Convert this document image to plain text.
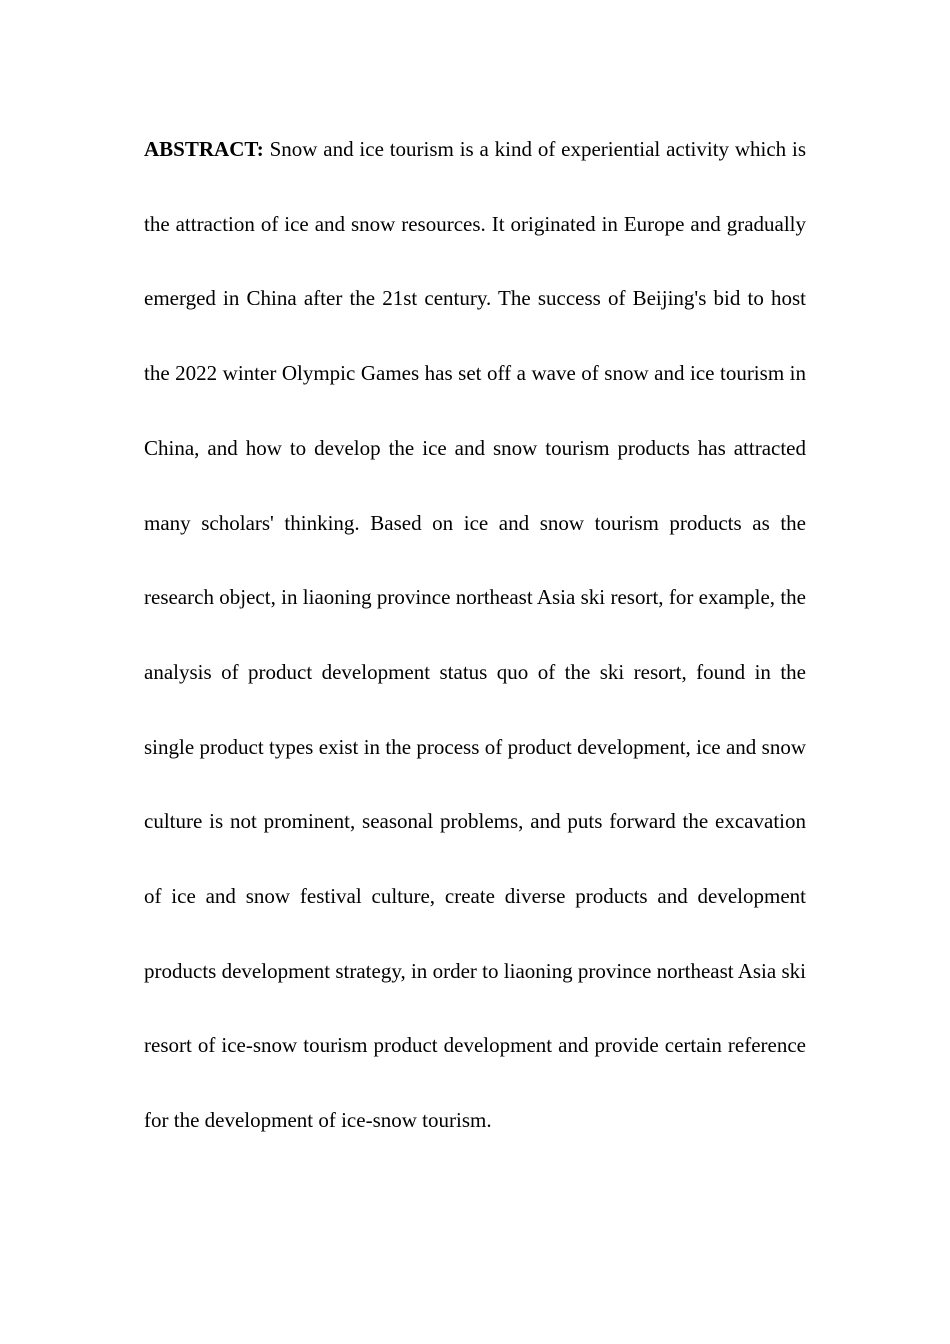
ABSTRACT: Snow and ice tourism is a kind of experiential activity which is the attraction of ice and snow resources. It originated in Europe and gradually emerged in China after the 21st century. The success of Beijing's bid to host the 2022 winter Olympic Games has set off a wave of snow and ice tourism in China, and how to develop the ice and snow tourism products has attracted many scholars' thinking. Based on ice and snow tourism products as the research object, in liaoning province northeast Asia ski resort, for example, the analysis of product development status quo of the ski resort, found in the single product types exist in the process of product development, ice and snow culture is not prominent, seasonal problems, and puts forward the excavation of ice and snow festival culture, create diverse products and development products development strategy, in order to liaoning province northeast Asia ski resort of ice-snow tourism product development and provide certain reference for the development of ice-snow tourism.
